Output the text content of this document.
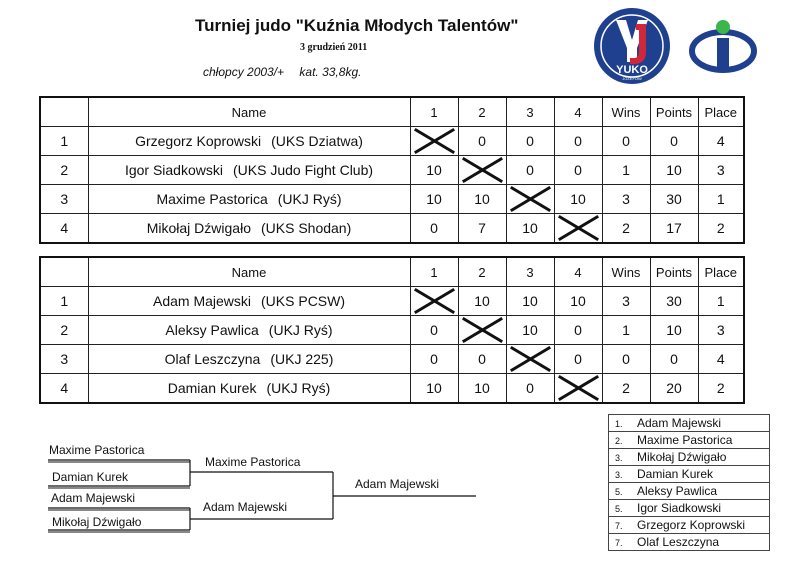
Turniej judo "Kuźnia Młodych Talentów"
3 grudzień 2011
chłopcy 2003/+ kat. 33,8kg.	YUKO
JÓZEFÓW
	Name	1	2	3	4	Wins	Points	Place
1	Grzegorz Koprowski (UKS Dziatwa)		0	0	0	0	0	4
2	Igor Siadkowski (UKS Judo Fight Club)	10		0	0	1	10	3
3	Maxime Pastorica (UKJ Ryś)	10	10		10	3	30	1
4	Mikołaj Dźwigało (UKS Shodan)	0	7	10		2	17	2
	Name	1	2	3	4	Wins	Points	Place
1	Adam Majewski (UKS PCSW)		10	10	10	3	30	1
2	Aleksy Pawlica (UKJ Ryś)	0		10	0	1	10	3
3	Olaf Leszczyna (UKJ 225)	0	0		0	0	0	4
4	Damian Kurek (UKJ Ryś)	10	10	0		2	20	2
Maxime Pastorica
Damian Kurek
Maxime Pastorica
Adam Majewski
Mikołaj Dźwigało
Adam Majewski
Adam Majewski
1. Adam Majewski
2. Maxime Pastorica
3. Mikołaj Dźwigało
3. Damian Kurek
5. Aleksy Pawlica
5. Igor Siadkowski
7. Grzegorz Koprowski
7. Olaf Leszczyna
